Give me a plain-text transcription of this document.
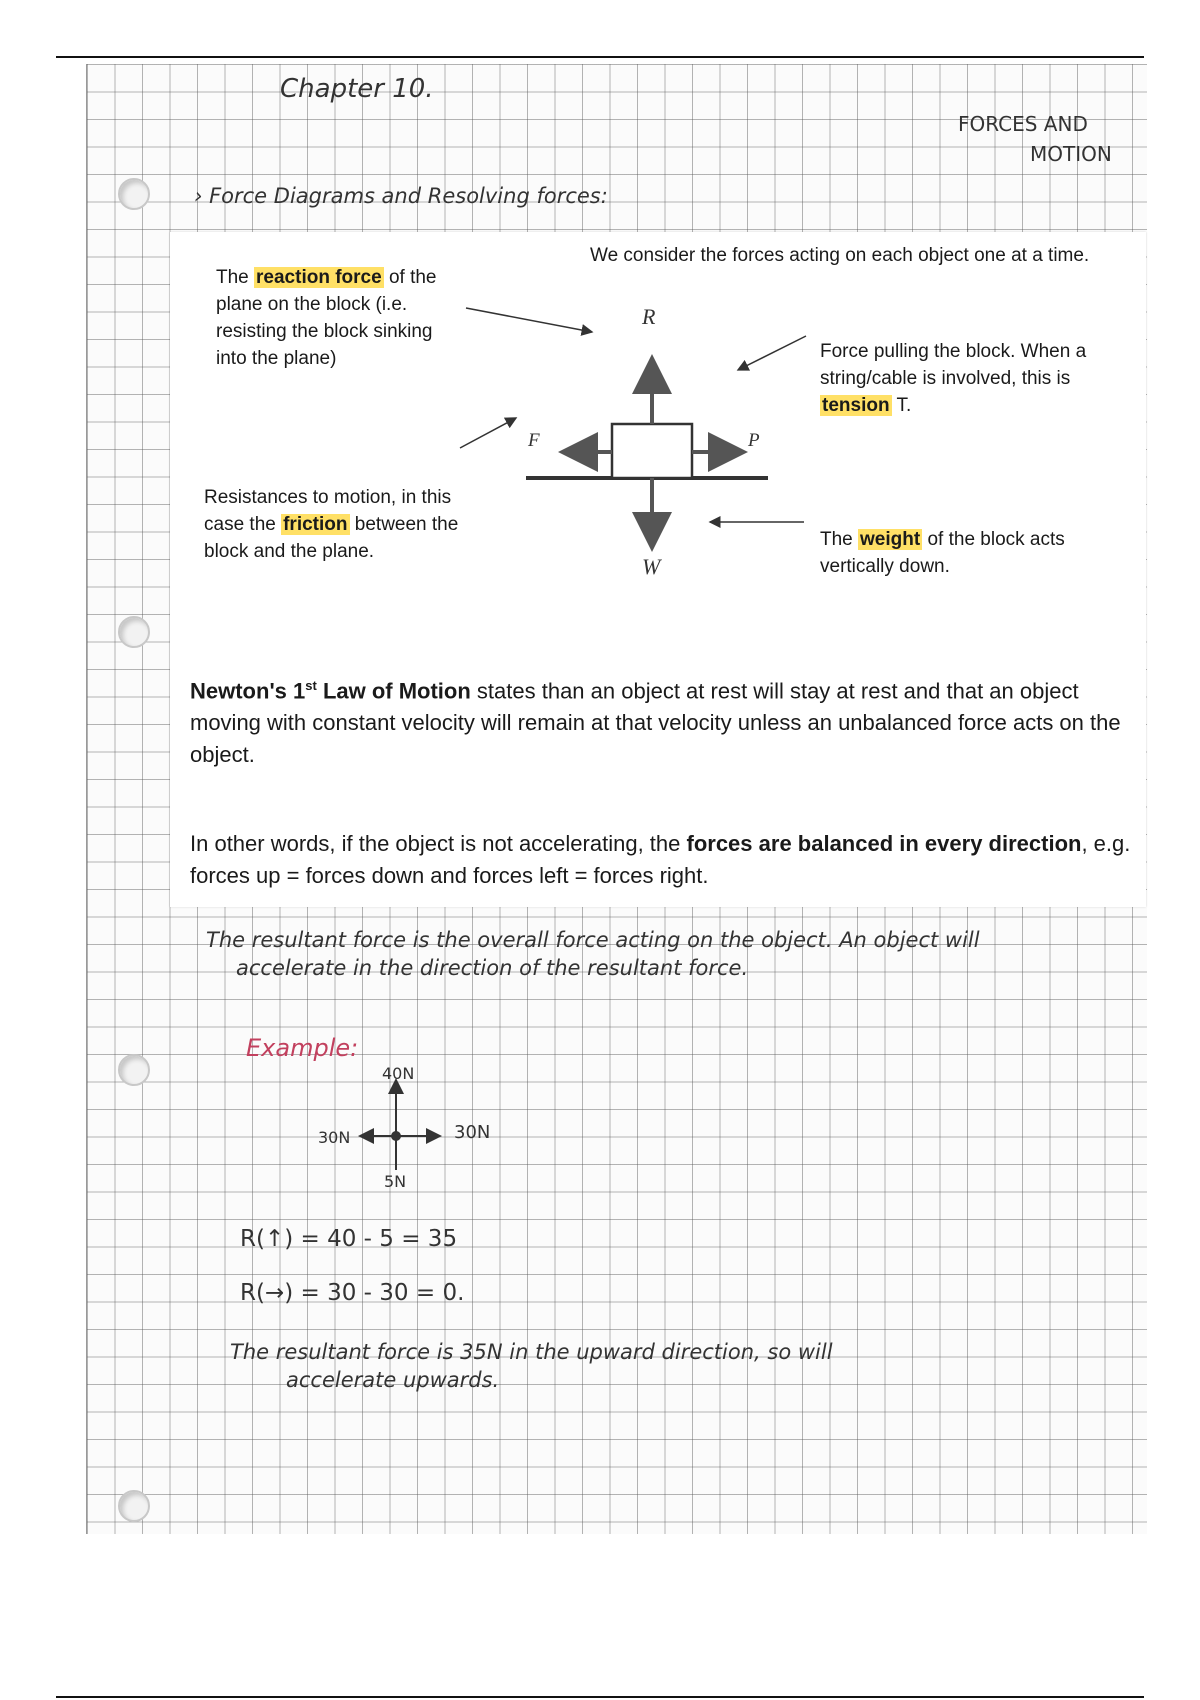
Chapter 10.
FORCES AND
MOTION
› Force Diagrams and Resolving forces:
We consider the forces acting on each object one at a time.
The reaction force of the plane on the block (i.e. resisting the block sinking into the plane)	Force pulling the block. When a string/cable is involved, this is tension T.
Resistances to motion, in this case the friction between the block and the plane.
The weight of the block acts vertically down.
R
F	P
W
Newton's 1st Law of Motion states than an object at rest will stay at rest and that an object moving with constant velocity will remain at that velocity unless an unbalanced force acts on the object.
In other words, if the object is not accelerating, the forces are balanced in every direction, e.g. forces up = forces down and forces left = forces right.
The resultant force is the overall force acting on the object. An object will
accelerate in the direction of the resultant force.
Example:
40N
30N	30N
5N
R(↑) = 40 - 5 = 35
R(→) = 30 - 30 = 0.
The resultant force is 35N in the upward direction, so will
accelerate upwards.
